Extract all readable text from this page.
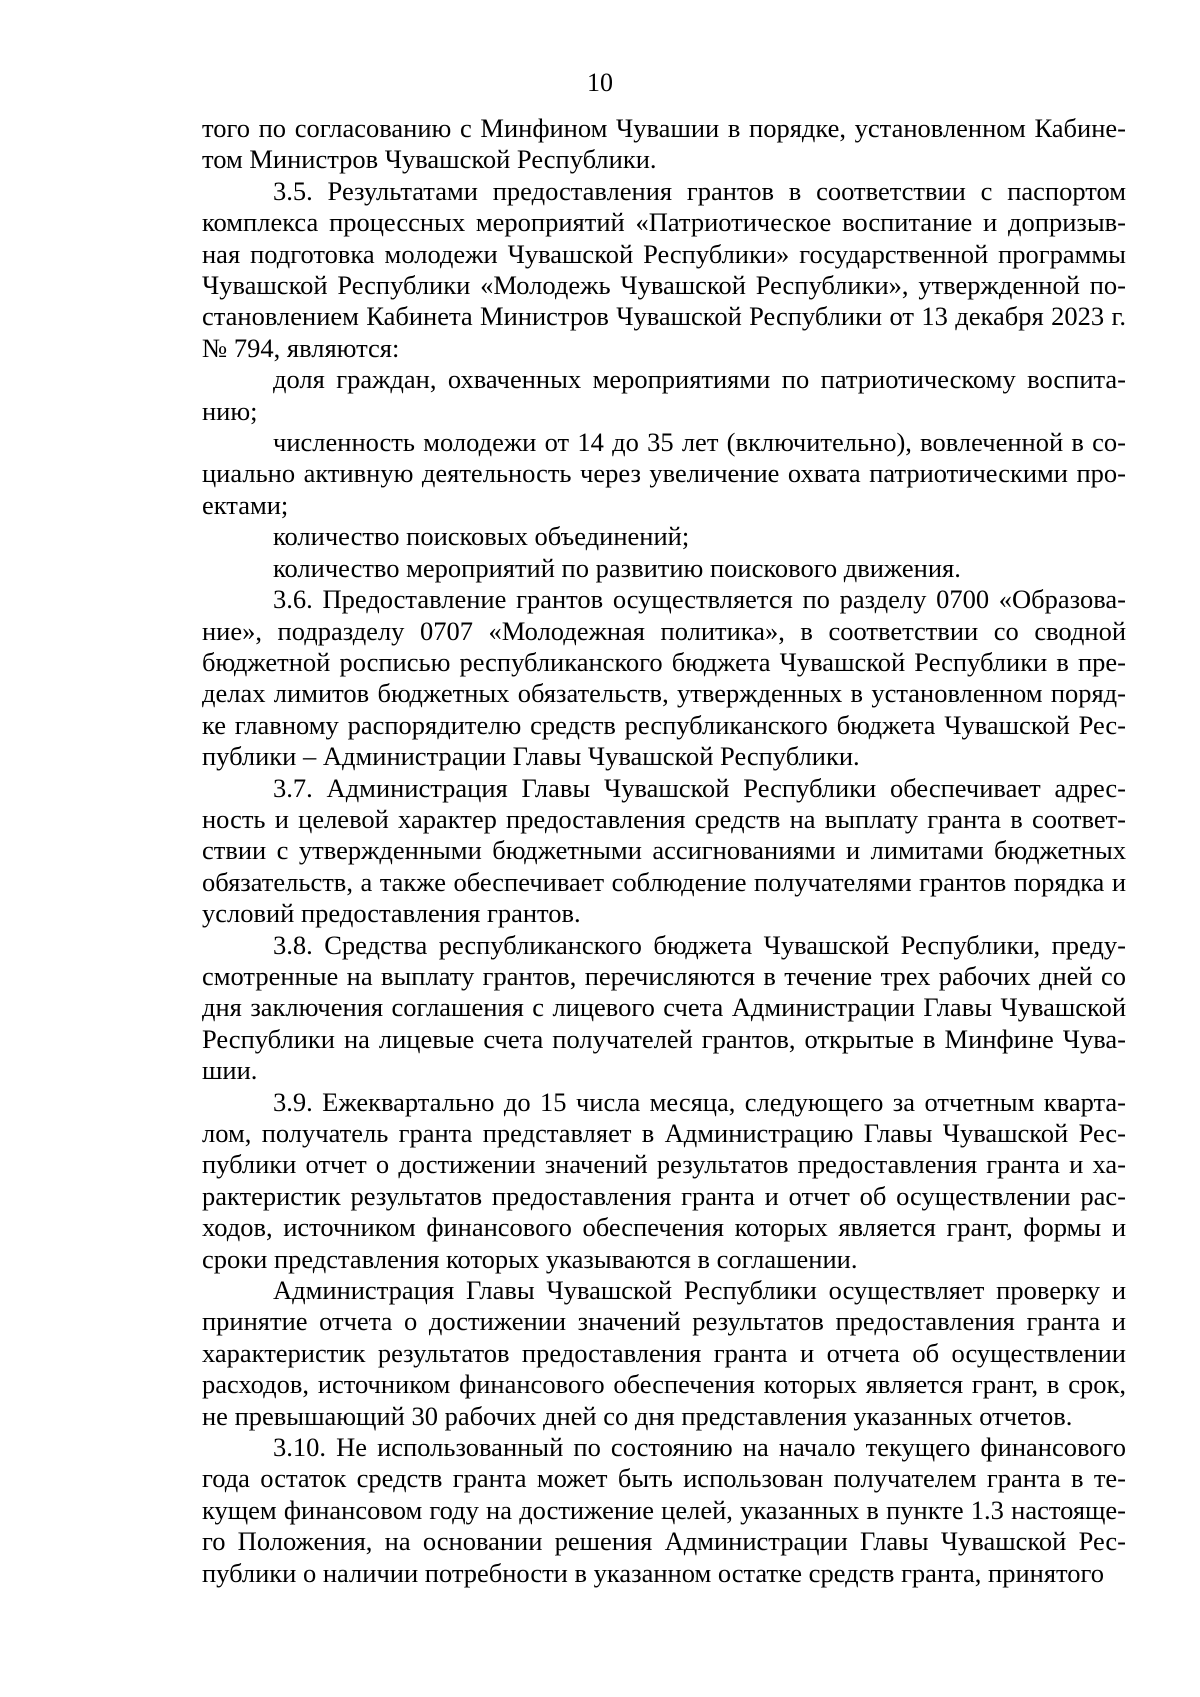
10

того по согласованию с Минфином Чувашии в порядке, установленном Кабинетом Министров Чувашской Республики.

3.5. Результатами предоставления грантов в соответствии с паспортом комплекса процессных мероприятий «Патриотическое воспитание и допризывная подготовка молодежи Чувашской Республики» государственной программы Чувашской Республики «Молодежь Чувашской Республики», утвержденной постановлением Кабинета Министров Чувашской Республики от 13 декабря 2023 г. № 794, являются:

доля граждан, охваченных мероприятиями по патриотическому воспитанию;

численность молодежи от 14 до 35 лет (включительно), вовлеченной в социально активную деятельность через увеличение охвата патриотическими проектами;

количество поисковых объединений;

количество мероприятий по развитию поискового движения.

3.6. Предоставление грантов осуществляется по разделу 0700 «Образование», подразделу 0707 «Молодежная политика», в соответствии со сводной бюджетной росписью республиканского бюджета Чувашской Республики в пределах лимитов бюджетных обязательств, утвержденных в установленном порядке главному распорядителю средств республиканского бюджета Чувашской Республики – Администрации Главы Чувашской Республики.

3.7. Администрация Главы Чувашской Республики обеспечивает адресность и целевой характер предоставления средств на выплату гранта в соответствии с утвержденными бюджетными ассигнованиями и лимитами бюджетных обязательств, а также обеспечивает соблюдение получателями грантов порядка и условий предоставления грантов.

3.8. Средства республиканского бюджета Чувашской Республики, предусмотренные на выплату грантов, перечисляются в течение трех рабочих дней со дня заключения соглашения с лицевого счета Администрации Главы Чувашской Республики на лицевые счета получателей грантов, открытые в Минфине Чувашии.

3.9. Ежеквартально до 15 числа месяца, следующего за отчетным кварталом, получатель гранта представляет в Администрацию Главы Чувашской Республики отчет о достижении значений результатов предоставления гранта и характеристик результатов предоставления гранта и отчет об осуществлении расходов, источником финансового обеспечения которых является грант, формы и сроки представления которых указываются в соглашении.

Администрация Главы Чувашской Республики осуществляет проверку и принятие отчета о достижении значений результатов предоставления гранта и характеристик результатов предоставления гранта и отчета об осуществлении расходов, источником финансового обеспечения которых является грант, в срок, не превышающий 30 рабочих дней со дня представления указанных отчетов.

3.10. Не использованный по состоянию на начало текущего финансового года остаток средств гранта может быть использован получателем гранта в текущем финансовом году на достижение целей, указанных в пункте 1.3 настоящего Положения, на основании решения Администрации Главы Чувашской Республики о наличии потребности в указанном остатке средств гранта, принятого
